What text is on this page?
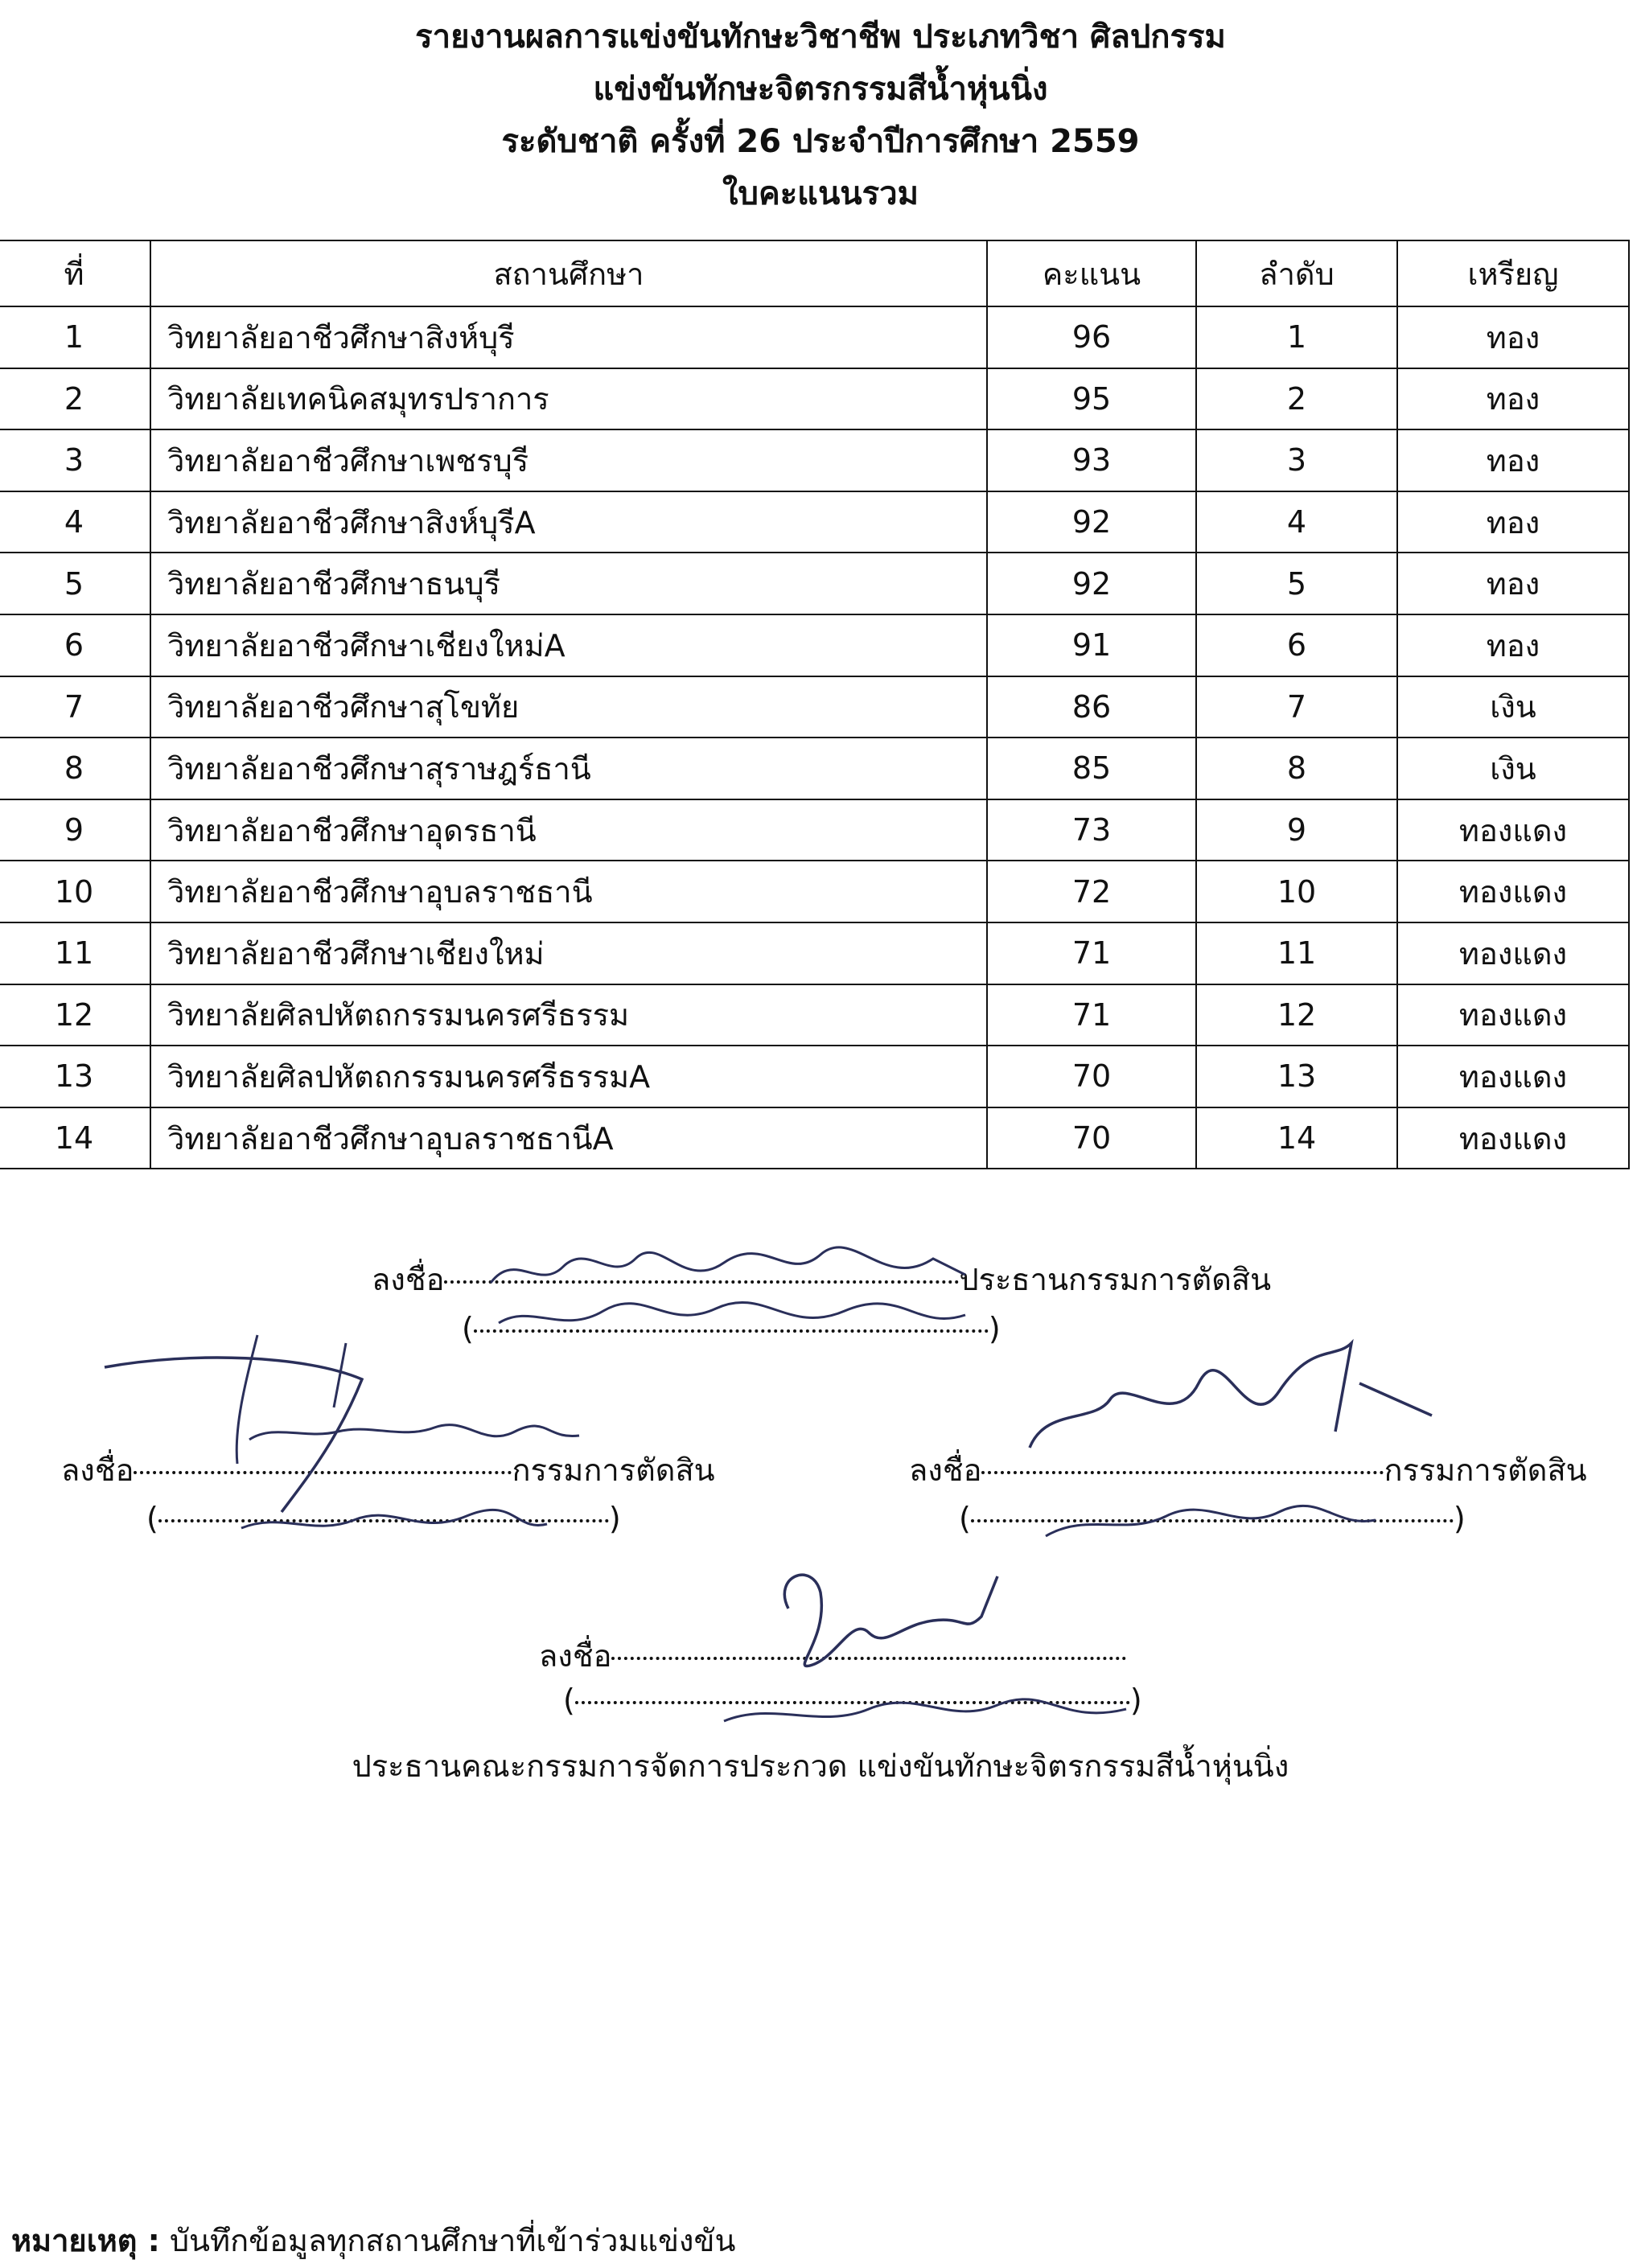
รายงานผลการแข่งขันทักษะวิชาชีพ ประเภทวิชา ศิลปกรรม
แข่งขันทักษะจิตรกรรมสีน้ำหุ่นนิ่ง
ระดับชาติ ครั้งที่ 26 ประจำปีการศึกษา 2559
ใบคะแนนรวม
ที่	สถานศึกษา	คะแนน	ลำดับ	เหรียญ
1	วิทยาลัยอาชีวศึกษาสิงห์บุรี	96	1	ทอง
2	วิทยาลัยเทคนิคสมุทรปราการ	95	2	ทอง
3	วิทยาลัยอาชีวศึกษาเพชรบุรี	93	3	ทอง
4	วิทยาลัยอาชีวศึกษาสิงห์บุรีA	92	4	ทอง
5	วิทยาลัยอาชีวศึกษาธนบุรี	92	5	ทอง
6	วิทยาลัยอาชีวศึกษาเชียงใหม่A	91	6	ทอง
7	วิทยาลัยอาชีวศึกษาสุโขทัย	86	7	เงิน
8	วิทยาลัยอาชีวศึกษาสุราษฎร์ธานี	85	8	เงิน
9	วิทยาลัยอาชีวศึกษาอุดรธานี	73	9	ทองแดง
10	วิทยาลัยอาชีวศึกษาอุบลราชธานี	72	10	ทองแดง
11	วิทยาลัยอาชีวศึกษาเชียงใหม่	71	11	ทองแดง
12	วิทยาลัยศิลปหัตถกรรมนครศรีธรรม	71	12	ทองแดง
13	วิทยาลัยศิลปหัตถกรรมนครศรีธรรมA	70	13	ทองแดง
14	วิทยาลัยอาชีวศึกษาอุบลราชธานีA	70	14	ทองแดง
ลงชื่อ	ประธานกรรมการตัดสิน
(	)
ลงชื่อ	กรรมการตัดสิน
(	)
ลงชื่อ	กรรมการตัดสิน
(	)
ลงชื่อ
(	)
ประธานคณะกรรมการจัดการประกวด แข่งขันทักษะจิตรกรรมสีน้ำหุ่นนิ่ง
หมายเหตุ : บันทึกข้อมูลทุกสถานศึกษาที่เข้าร่วมแข่งขัน
